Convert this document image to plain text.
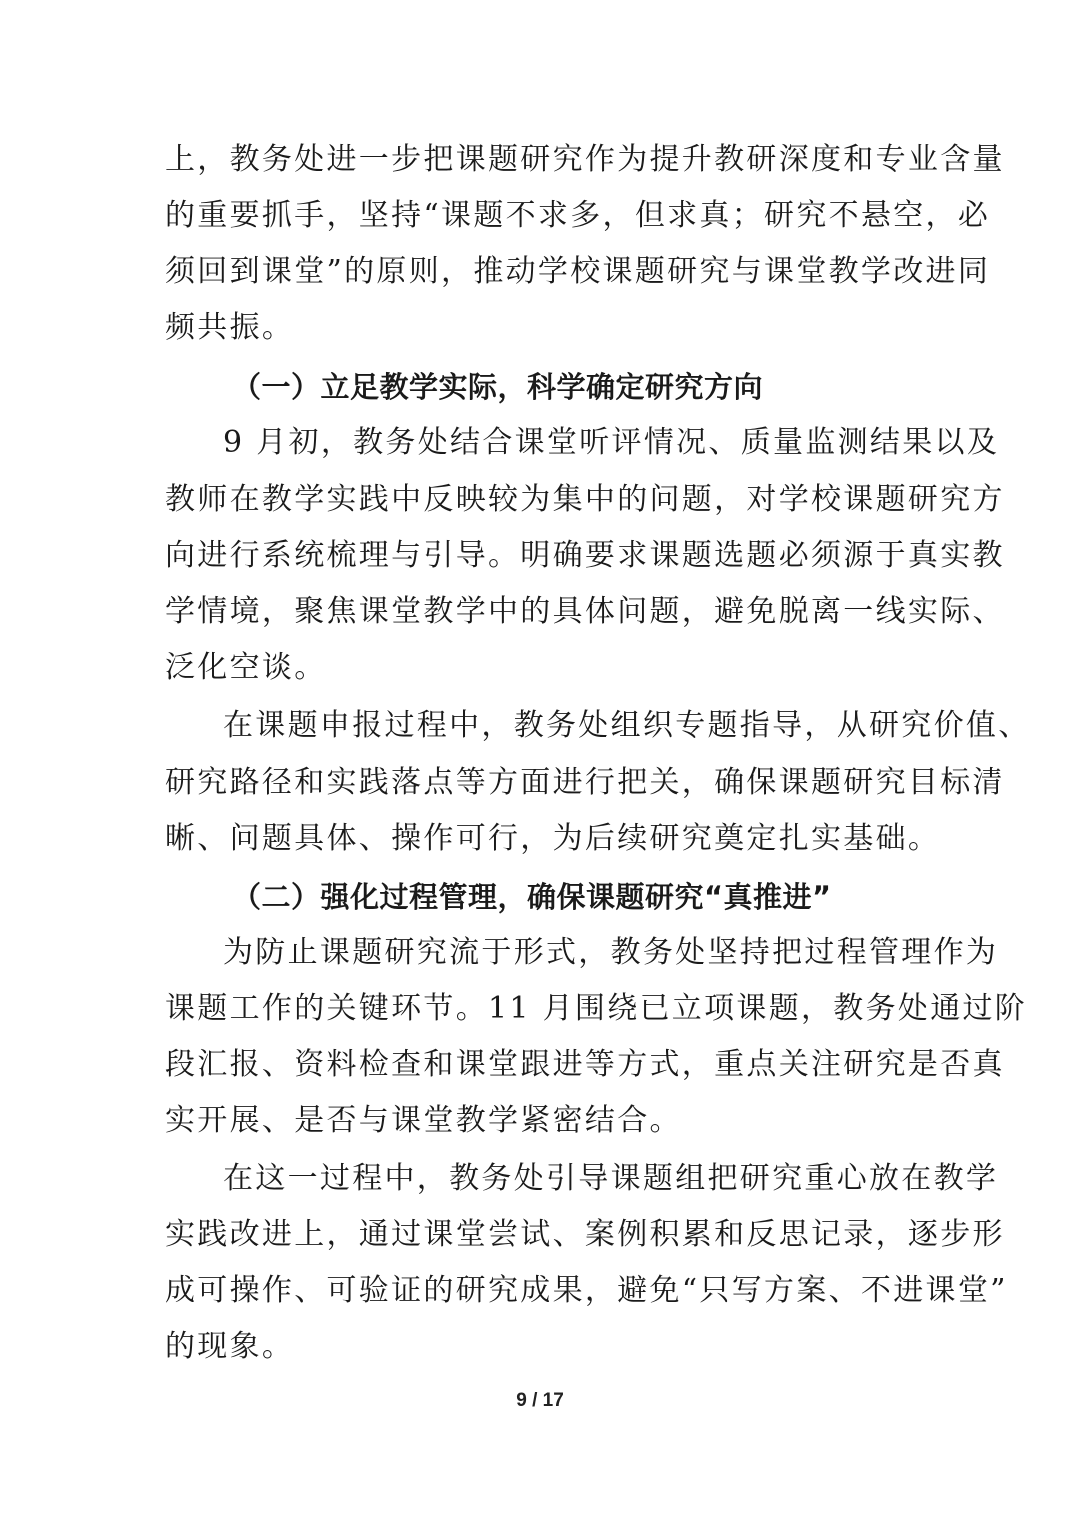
上，教务处进一步把课题研究作为提升教研深度和专业含量
的重要抓手，坚持“课题不求多，但求真；研究不悬空，必
须回到课堂”的原则，推动学校课题研究与课堂教学改进同
频共振。
（一）立足教学实际，科学确定研究方向
9 月初，教务处结合课堂听评情况、质量监测结果以及
教师在教学实践中反映较为集中的问题，对学校课题研究方
向进行系统梳理与引导。明确要求课题选题必须源于真实教
学情境，聚焦课堂教学中的具体问题，避免脱离一线实际、
泛化空谈。
在课题申报过程中，教务处组织专题指导，从研究价值、
研究路径和实践落点等方面进行把关，确保课题研究目标清
晰、问题具体、操作可行，为后续研究奠定扎实基础。
（二）强化过程管理，确保课题研究“真推进”
为防止课题研究流于形式，教务处坚持把过程管理作为
课题工作的关键环节。11 月围绕已立项课题，教务处通过阶
段汇报、资料检查和课堂跟进等方式，重点关注研究是否真
实开展、是否与课堂教学紧密结合。
在这一过程中，教务处引导课题组把研究重心放在教学
实践改进上，通过课堂尝试、案例积累和反思记录，逐步形
成可操作、可验证的研究成果，避免“只写方案、不进课堂”
的现象。
9 / 17
